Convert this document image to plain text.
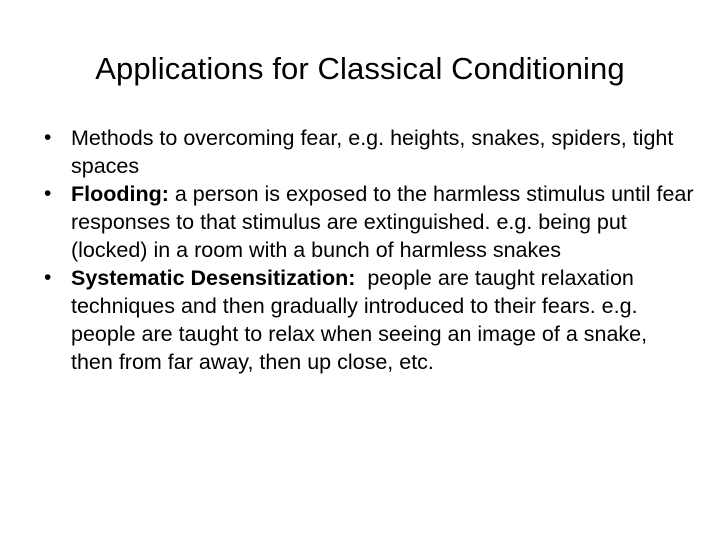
Applications for Classical Conditioning
• Methods to overcoming fear, e.g. heights, snakes, spiders, tight spaces
• Flooding: a person is exposed to the harmless stimulus until fear responses to that stimulus are extinguished. e.g. being put (locked) in a room with a bunch of harmless snakes
• Systematic Desensitization:  people are taught relaxation techniques and then gradually introduced to their fears. e.g. people are taught to relax when seeing an image of a snake, then from far away, then up close, etc.
